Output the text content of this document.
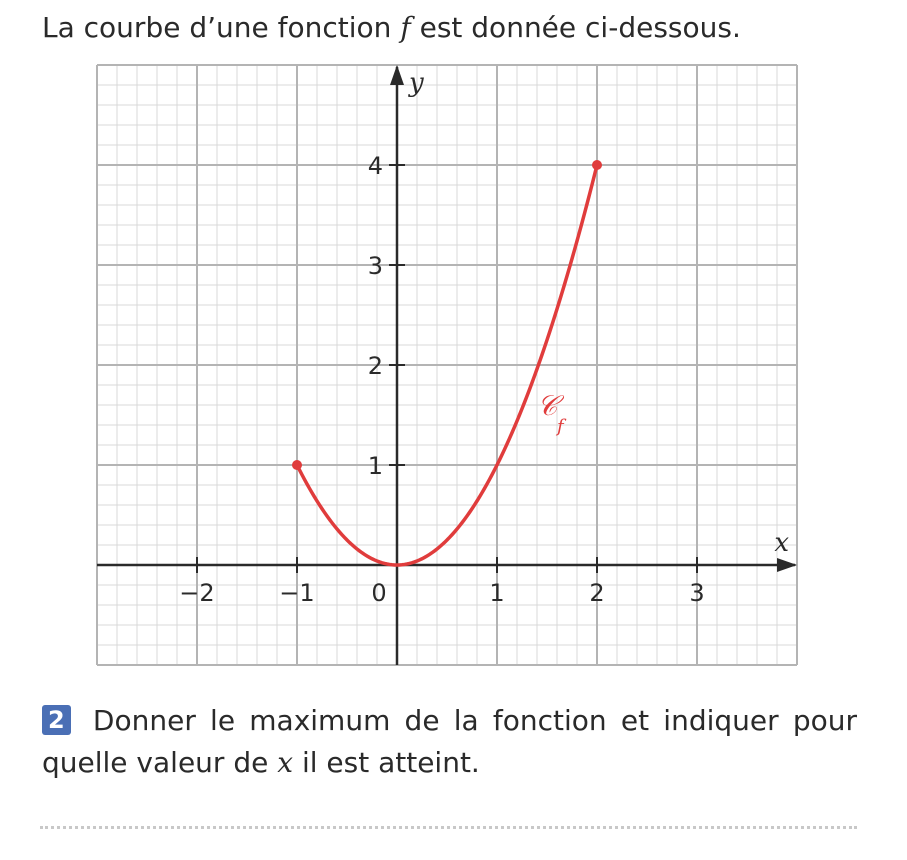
La courbe d’une fonction f est donnée ci-dessous.
−2	−1 0	1	2	3
1
2
3
4
x
y
𝒞
f
2 Donner le maximum de la fonction et indiquer pour quelle valeur de x il est atteint.
